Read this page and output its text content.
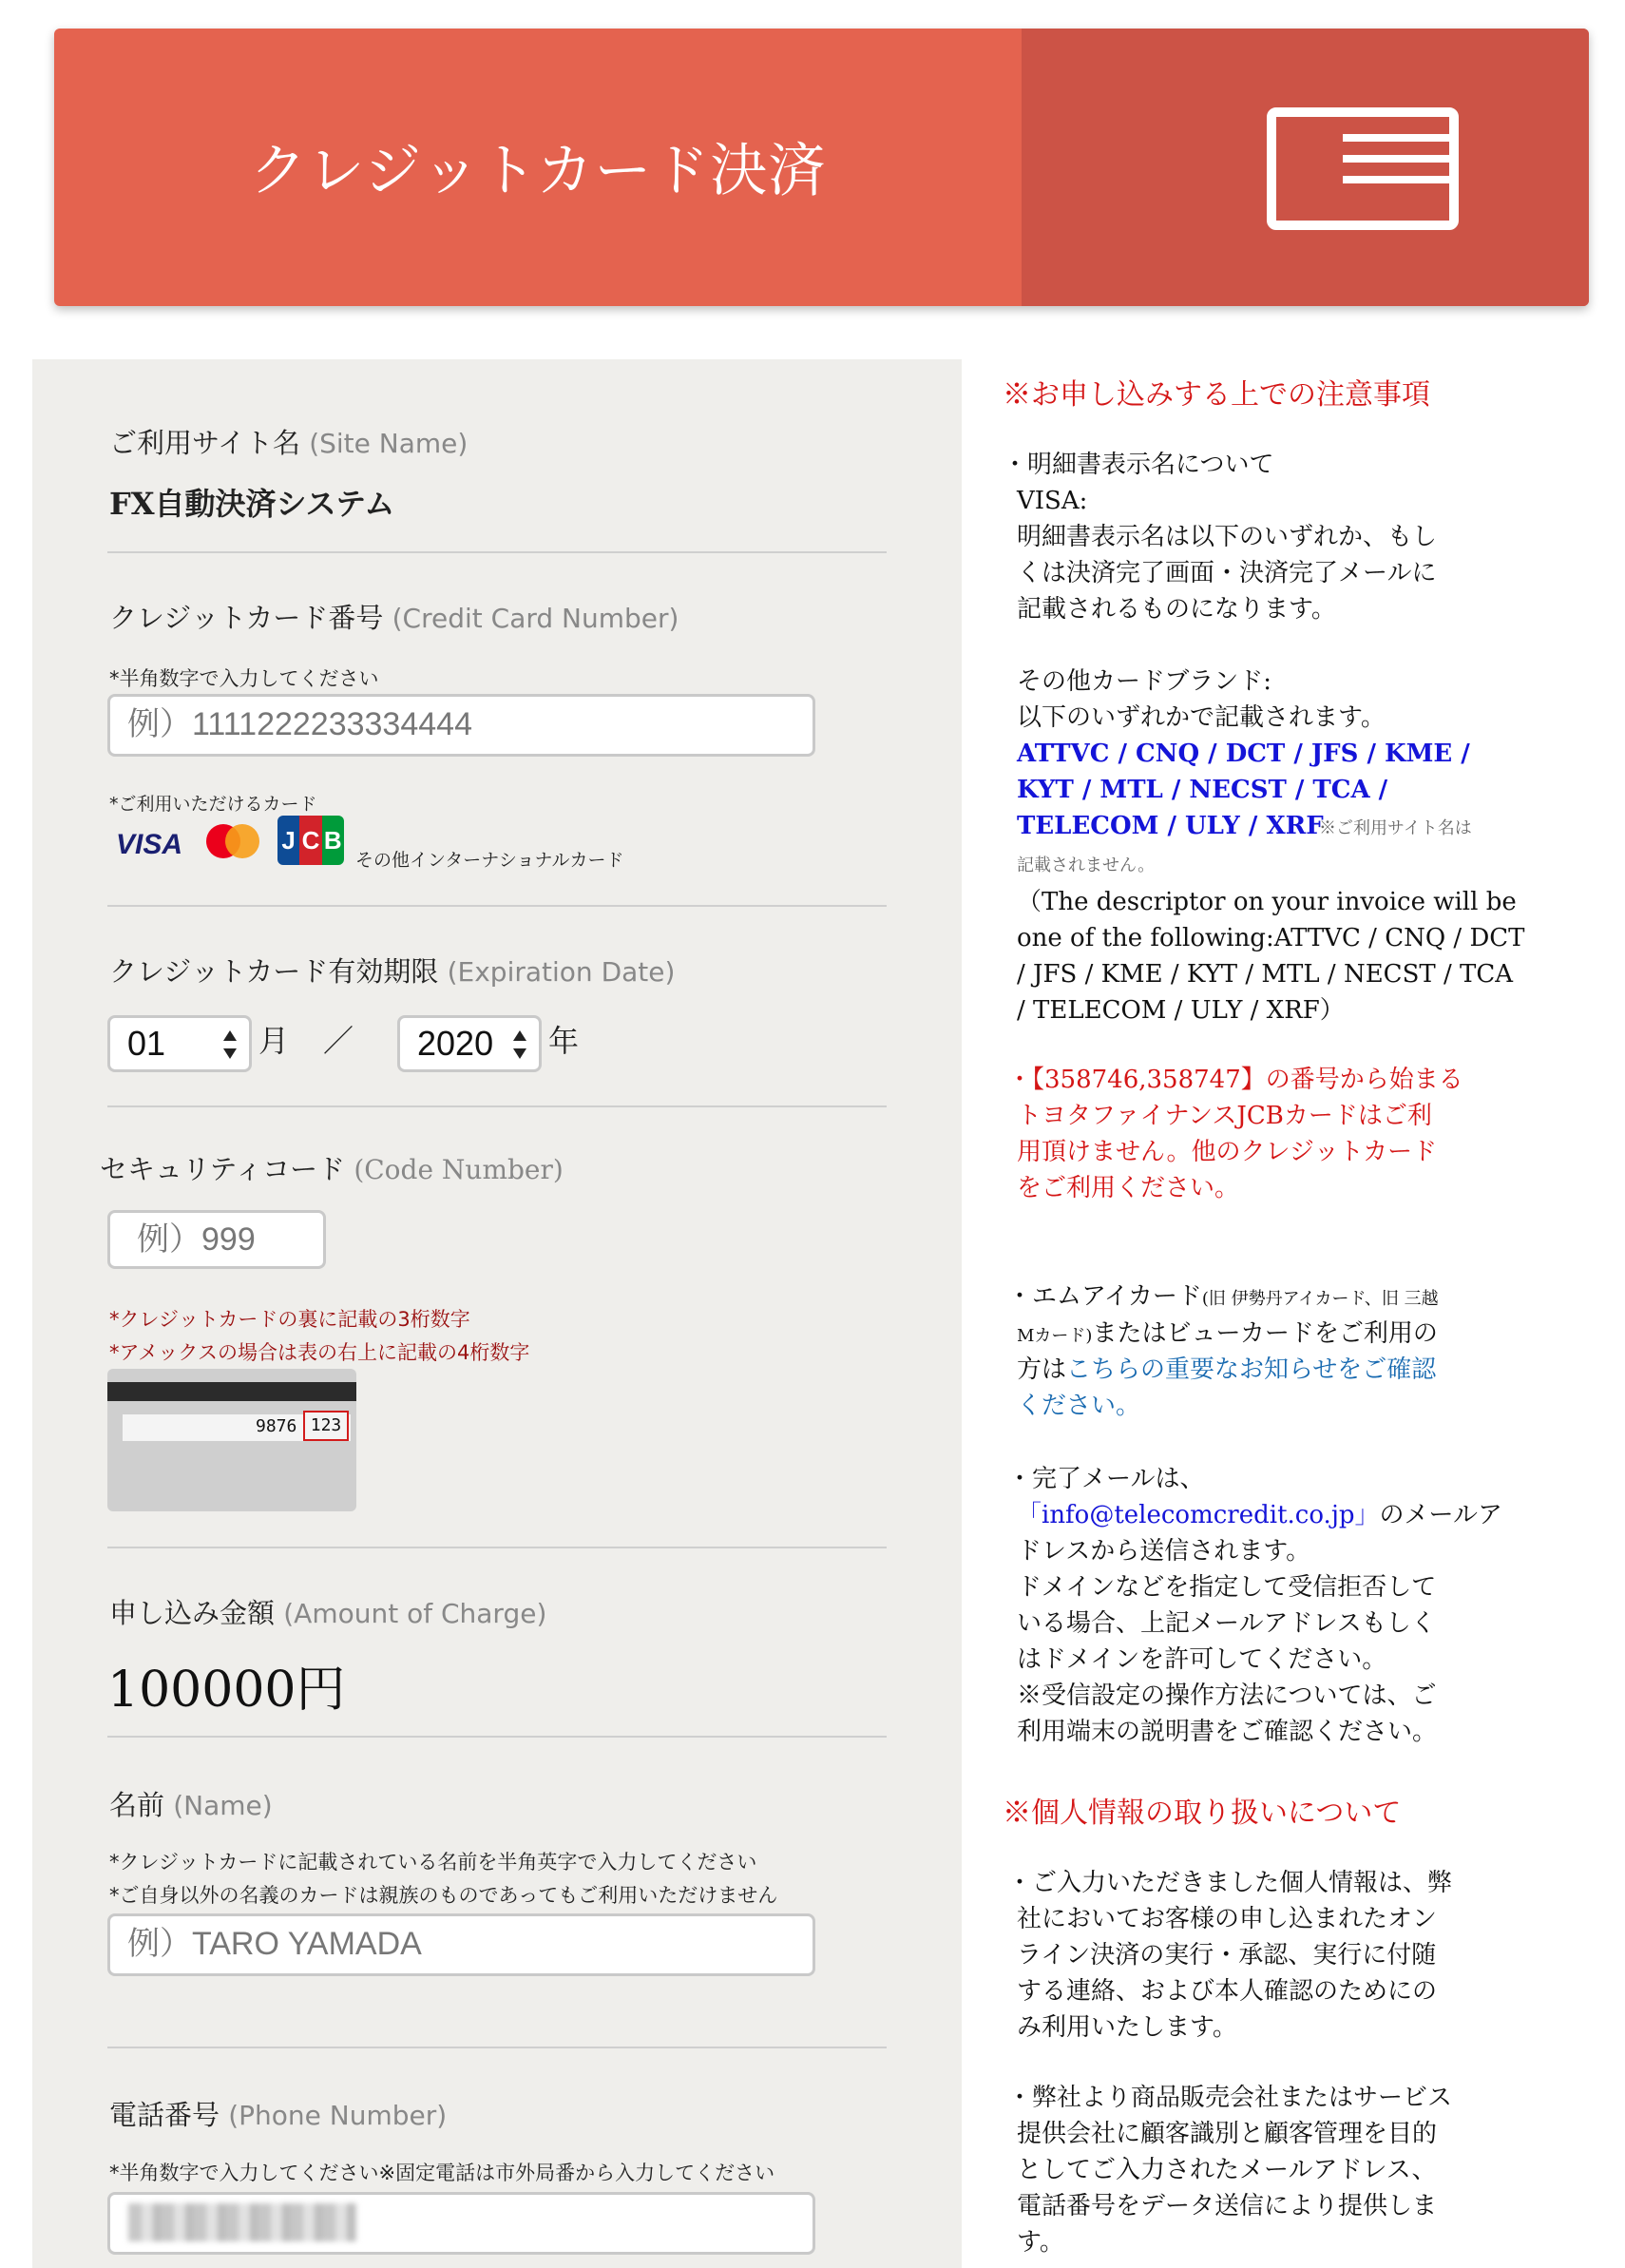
クレジットカード決済
ご利用サイト名 (Site Name)
FX自動決済システム
クレジットカード番号 (Credit Card Number)
*半角数字で入力してください
例）1111222233334444
*ご利用いただけるカード
VISA	J C B
その他インターナショナルカード
クレジットカード有効期限 (Expiration Date)
01	月 ／	2020	年
セキュリティコード (Code Number)
例）999
*クレジットカードの裏に記載の3桁数字
*アメックスの場合は表の右上に記載の4桁数字
9876 123
申し込み金額 (Amount of Charge)
100000円
名前 (Name)
*クレジットカードに記載されている名前を半角英字で入力してください
*ご自身以外の名義のカードは親族のものであってもご利用いただけません
例）TARO YAMADA
電話番号 (Phone Number)
*半角数字で入力してください※固定電話は市外局番から入力してください
※お申し込みする上での注意事項
・明細書表示名について
VISA:
明細書表示名は以下のいずれか、もし
くは決済完了画面・決済完了メールに
記載されるものになります。
その他カードブランド:
以下のいずれかで記載されます。
ATTVC / CNQ / DCT / JFS / KME /
KYT / MTL / NECST / TCA /
TELECOM / ULY / XRF
※ご利用サイト名は
記載されません。
（The descriptor on your invoice will be
one of the following:ATTVC / CNQ / DCT
/ JFS / KME / KYT / MTL / NECST / TCA
/ TELECOM / ULY / XRF）
・【358746,358747】の番号から始まる
トヨタファイナンスJCBカードはご利
用頂けません。他のクレジットカード
をご利用ください。
・エムアイカード(旧 伊勢丹アイカード、旧 三越
Mカード)またはビューカードをご利用の
方はこちらの重要なお知らせをご確認
ください。
・完了メールは、
「info@telecomcredit.co.jp」のメールア
ドレスから送信されます。
ドメインなどを指定して受信拒否して
いる場合、上記メールアドレスもしく
はドメインを許可してください。
※受信設定の操作方法については、ご
利用端末の説明書をご確認ください。
※個人情報の取り扱いについて
・ご入力いただきました個人情報は、弊
社においてお客様の申し込まれたオン
ライン決済の実行・承認、実行に付随
する連絡、および本人確認のためにの
み利用いたします。
・弊社より商品販売会社またはサービス
提供会社に顧客識別と顧客管理を目的
としてご入力されたメールアドレス、
電話番号をデータ送信により提供しま
す。
